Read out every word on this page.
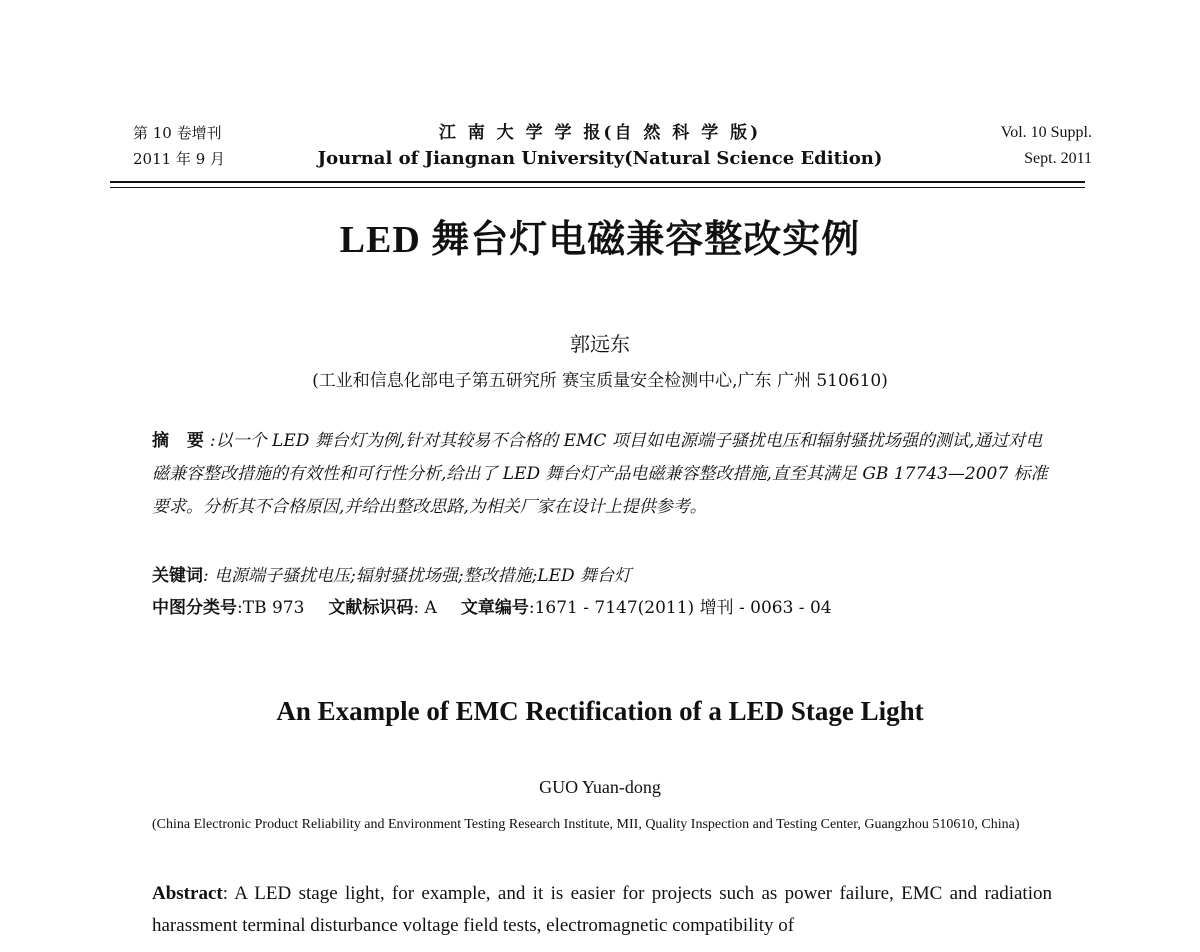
第 10 卷增刊
2011 年 9 月
江 南 大 学 学 报(自 然 科 学 版)
Journal of Jiangnan University(Natural Science Edition)
Vol. 10 Suppl.
Sept. 2011
LED 舞台灯电磁兼容整改实例
郭远东
(工业和信息化部电子第五研究所 赛宝质量安全检测中心,广东 广州 510610)
摘 要:以一个 LED 舞台灯为例,针对其较易不合格的 EMC 项目如电源端子骚扰电压和辐射骚扰场强的测试,通过对电磁兼容整改措施的有效性和可行性分析,给出了 LED 舞台灯产品电磁兼容整改措施,直至其满足 GB 17743—2007 标准要求。分析其不合格原因,并给出整改思路,为相关厂家在设计上提供参考。
关键词: 电源端子骚扰电压;辐射骚扰场强;整改措施;LED 舞台灯
中图分类号:TB 973 文献标识码: A 文章编号:1671 - 7147(2011) 增刊 - 0063 - 04
An Example of EMC Rectification of a LED Stage Light
GUO Yuan-dong
(China Electronic Product Reliability and Environment Testing Research Institute, MII, Quality Inspection and Testing Center, Guangzhou 510610, China)
Abstract: A LED stage light, for example, and it is easier for projects such as power failure, EMC and radiation harassment terminal disturbance voltage field tests, electromagnetic compatibility of
